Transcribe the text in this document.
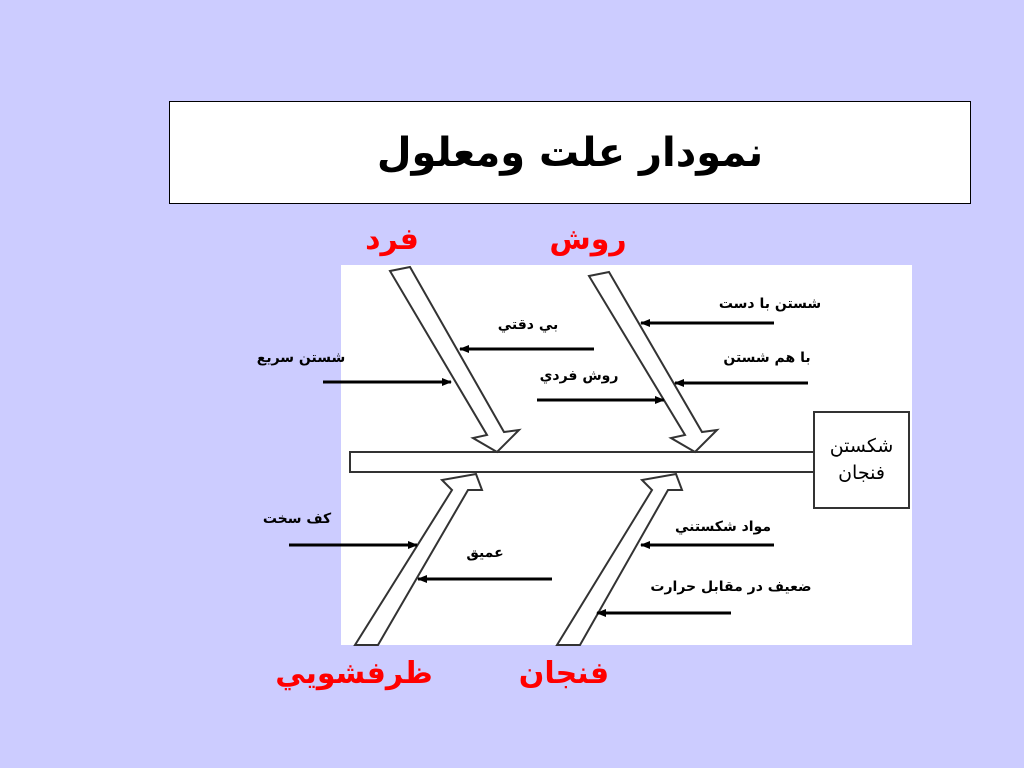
نمودار علت ومعلول
شكستن
فنجان
فرد	روش
ظرفشويي	فنجان
بي دقتي
شستن سريع
شستن با دست
با هم شستن
روش فردي
كف سخت
عميق
مواد شكستني
ضعيف در مقابل حرارت
